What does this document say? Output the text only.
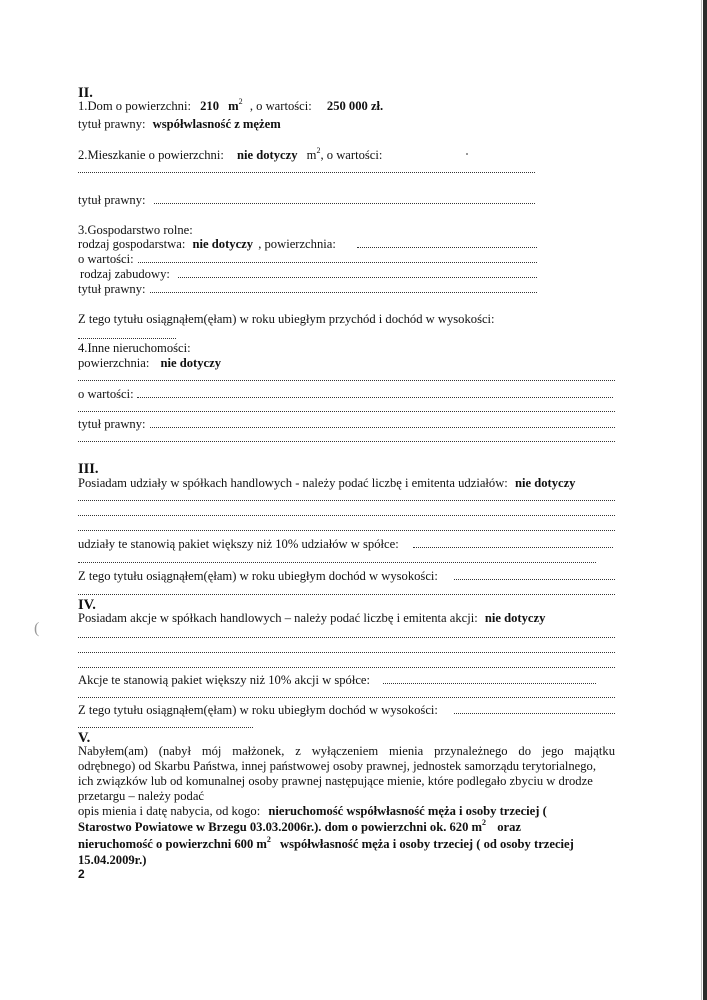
II.
1.Dom o powierzchni: 210 $m^2$ , o wartości: 250 000 zł.
tytuł prawny: współwlasność z mężem
2.Mieszkanie o powierzchni: nie dotyczy $m^2$, o wartości:
tytuł prawny:
3.Gospodarstwo rolne:
rodzaj gospodarstwa: nie dotyczy , powierzchnia:
o wartości:
rodzaj zabudowy:
tytuł prawny:
Z tego tytułu osiągnąłem(ęłam) w roku ubiegłym przychód i dochód w wysokości:
4.Inne nieruchomości:
powierzchnia: nie dotyczy
o wartości:
tytuł prawny:
III.
Posiadam udziały w spółkach handlowych - należy podać liczbę i emitenta udziałów: nie dotyczy
udziały te stanowią pakiet większy niż 10% udziałów w spółce:
Z tego tytułu osiągnąłem(ęłam) w roku ubiegłym dochód w wysokości:
IV.
Posiadam akcje w spółkach handlowych – należy podać liczbę i emitenta akcji: nie dotyczy
Akcje te stanowią pakiet większy niż 10% akcji w spółce:
Z tego tytułu osiągnąłem(ęłam) w roku ubiegłym dochód w wysokości:
V.
Nabyłem(am) (nabył mój małżonek, z wyłączeniem mienia przynależnego do jego majątku
odrębnego) od Skarbu Państwa, innej państwowej osoby prawnej, jednostek samorządu terytorialnego,
ich związków lub od komunalnej osoby prawnej następujące mienie, które podlegało zbyciu w drodze
przetargu – należy podać
opis mienia i datę nabycia, od kogo: nieruchomość współwłasność męża i osoby trzeciej (
Starostwo Powiatowe w Brzegu 03.03.2006r.). dom o powierzchni ok. 620 $m^2$ oraz
nieruchomość o powierzchni 600 $m^2$ współwłasność męża i osoby trzeciej ( od osoby trzeciej
15.04.2009r.)
2
(
